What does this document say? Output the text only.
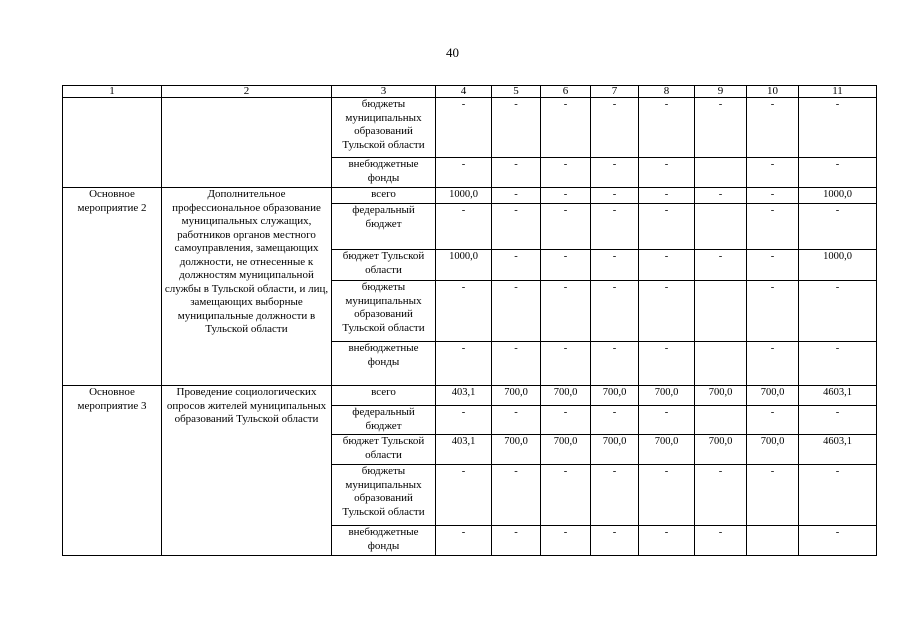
40
1	2	3	4	5	6	7	8	9	10	11
		бюджеты муниципальных образований Тульской области	-	-	-	-	-	-	-	-
		внебюджетные фонды	-	-	-	-	-		-	-
Основное мероприятие 2	Дополнительное профессиональное образование муниципальных служащих, работников органов местного самоуправления, замещающих должности, не отнесенные к должностям муниципальной службы в Тульской области, и лиц, замещающих выборные муниципальные должности в Тульской области	всего	1000,0	-	-	-	-	-	-	1000,0
		федеральный бюджет	-	-	-	-	-		-	-
		бюджет Тульской области	1000,0	-	-	-	-	-	-	1000,0
		бюджеты муниципальных образований Тульской области	-	-	-	-	-		-	-
		внебюджетные фонды	-	-	-	-	-		-	-
Основное мероприятие 3	Проведение социологических опросов жителей муниципальных образований Тульской области	всего	403,1	700,0	700,0	700,0	700,0	700,0	700,0	4603,1
		федеральный бюджет	-	-	-	-	-		-	-
		бюджет Тульской области	403,1	700,0	700,0	700,0	700,0	700,0	700,0	4603,1
		бюджеты муниципальных образований Тульской области	-	-	-	-	-	-	-	-
		внебюджетные фонды	-	-	-	-	-	-		-
